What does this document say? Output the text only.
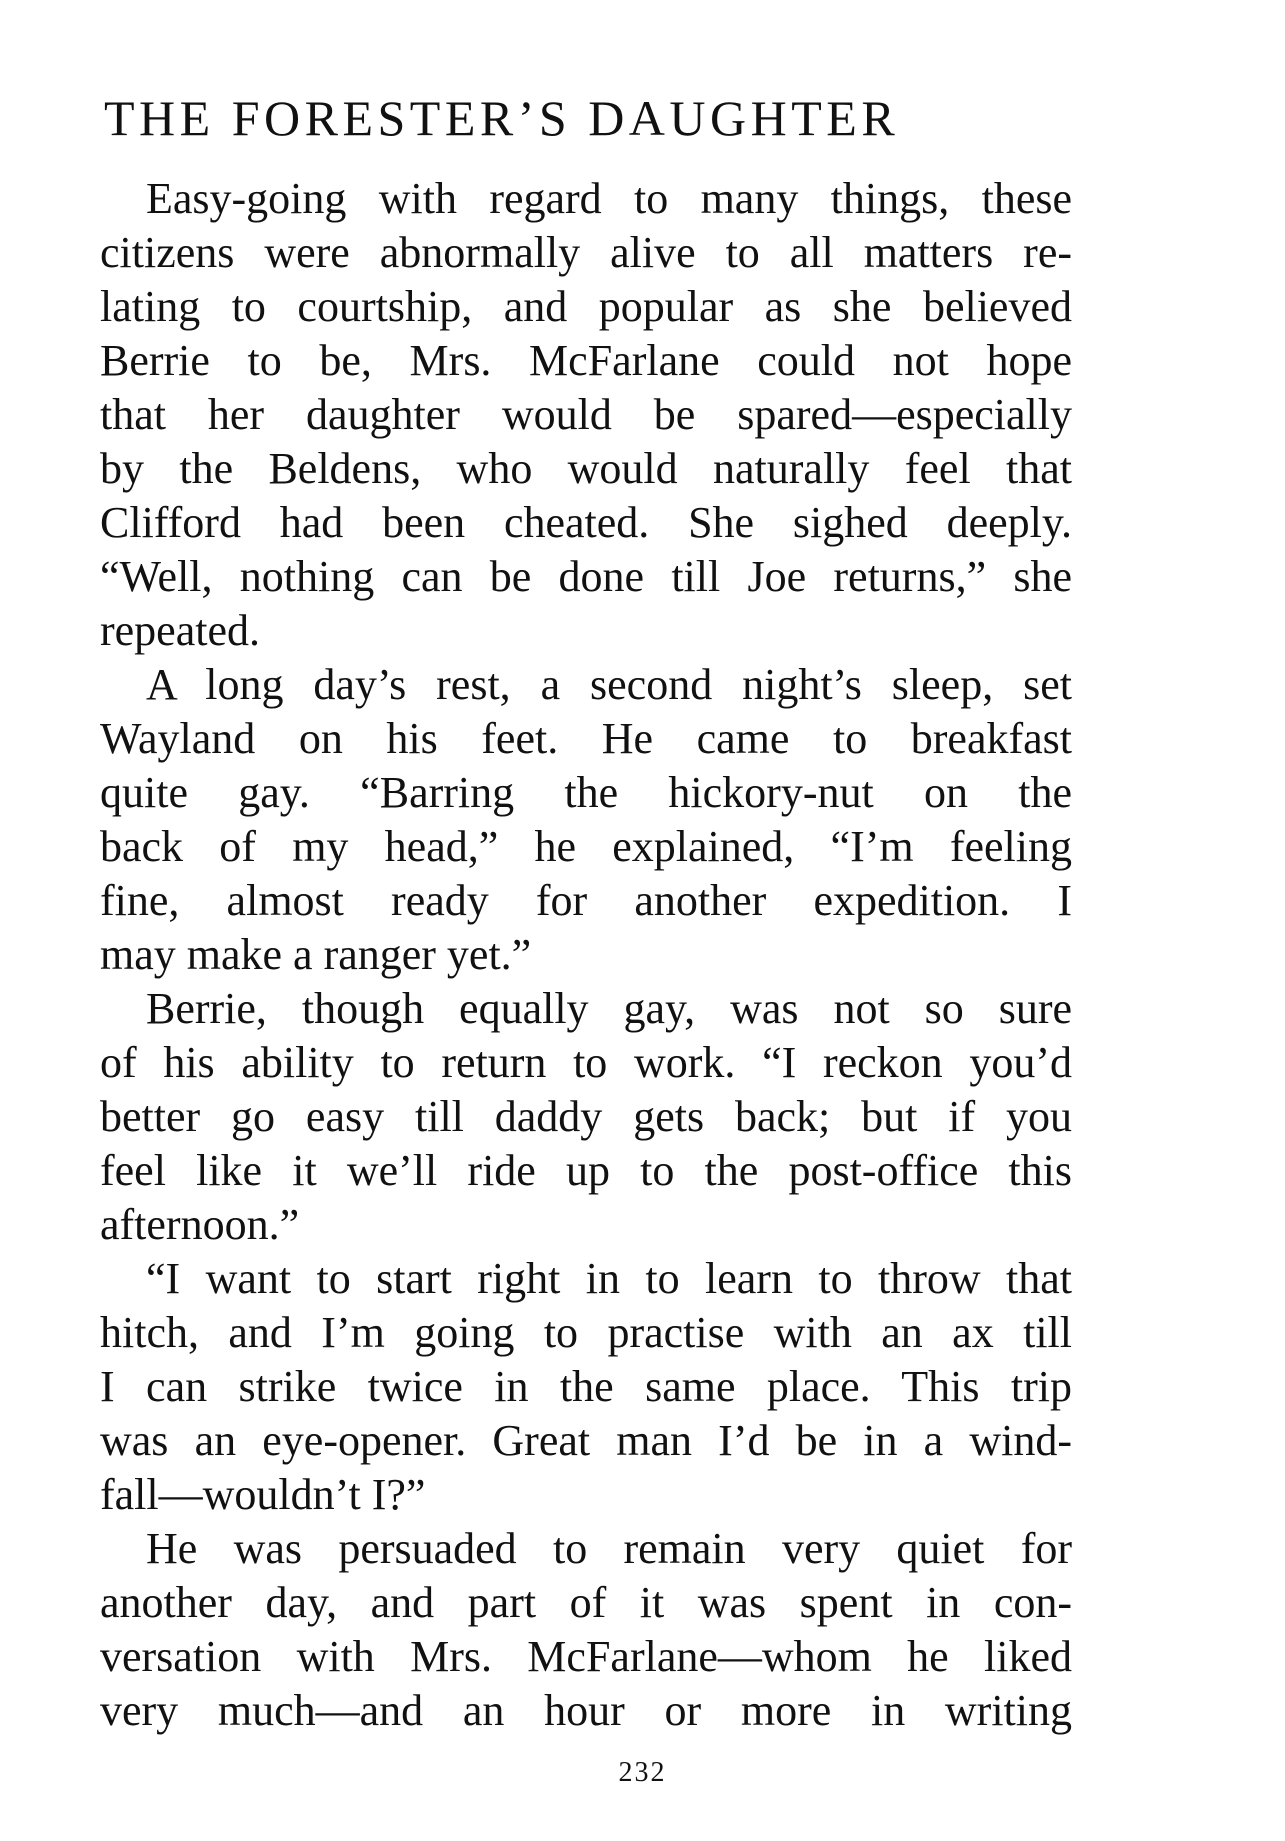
THE FORESTER’S DAUGHTER
Easy-going with regard to many things, these
citizens were abnormally alive to all matters re-
lating to courtship, and popular as she believed
Berrie to be, Mrs. McFarlane could not hope
that her daughter would be spared—especially
by the Beldens, who would naturally feel that
Clifford had been cheated. She sighed deeply.
“Well, nothing can be done till Joe returns,” she
repeated.
A long day’s rest, a second night’s sleep, set
Wayland on his feet. He came to breakfast
quite gay. “Barring the hickory-nut on the
back of my head,” he explained, “I’m feeling
fine, almost ready for another expedition. I
may make a ranger yet.”
Berrie, though equally gay, was not so sure
of his ability to return to work. “I reckon you’d
better go easy till daddy gets back; but if you
feel like it we’ll ride up to the post-office this
afternoon.”
“I want to start right in to learn to throw that
hitch, and I’m going to practise with an ax till
I can strike twice in the same place. This trip
was an eye-opener. Great man I’d be in a wind-
fall—wouldn’t I?”
He was persuaded to remain very quiet for
another day, and part of it was spent in con-
versation with Mrs. McFarlane—whom he liked
very much—and an hour or more in writing
232
